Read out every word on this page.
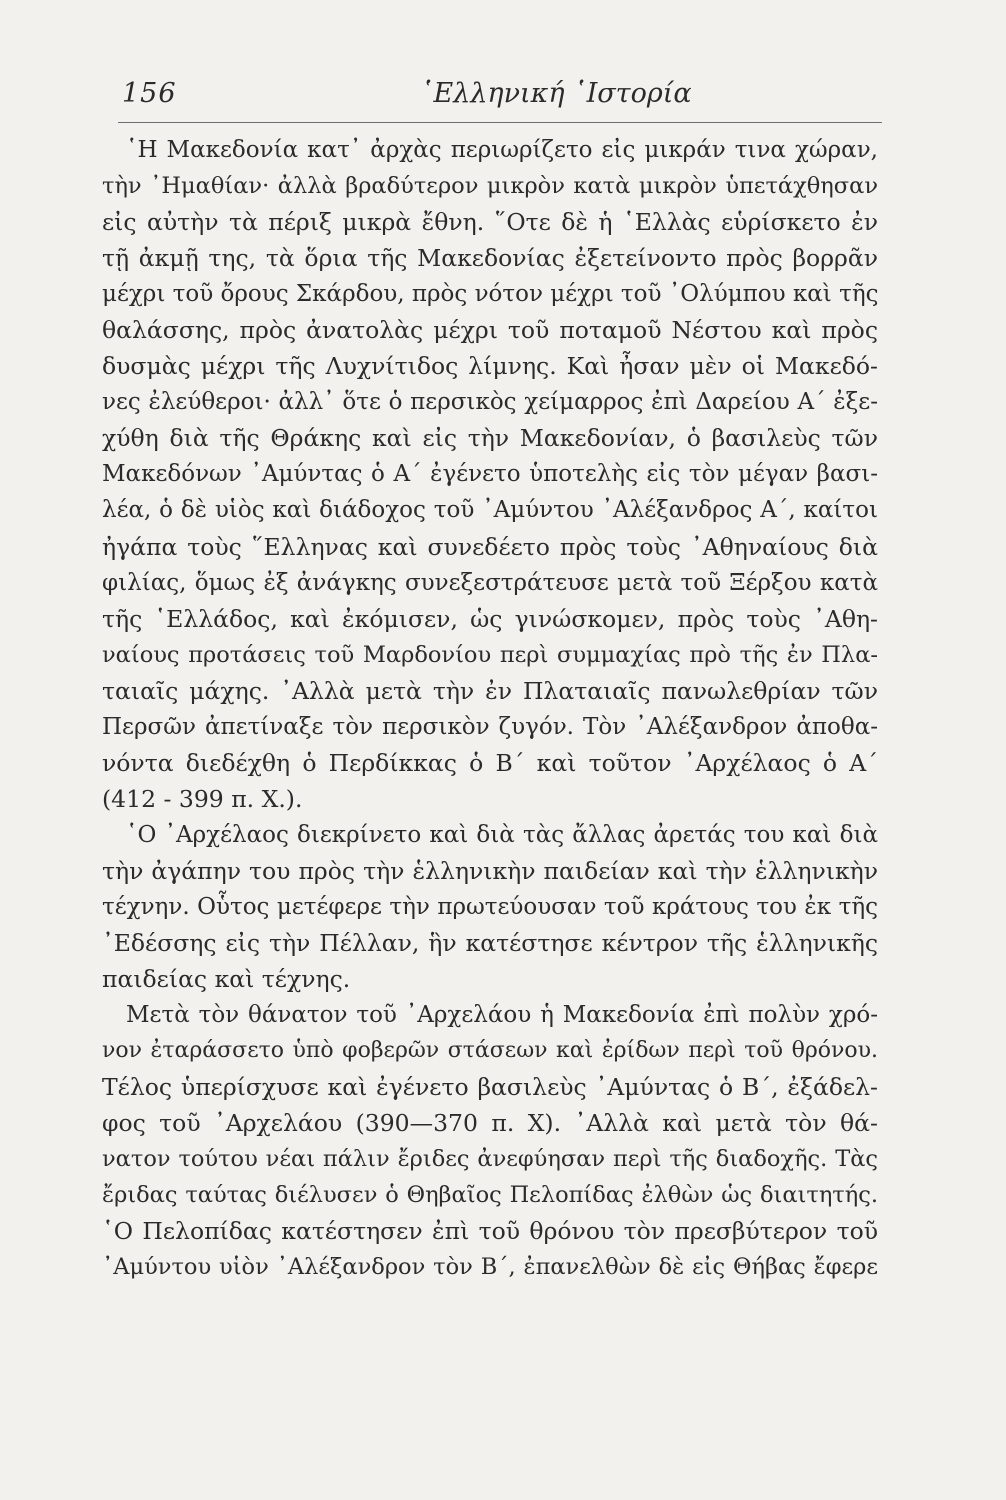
156	῾Ελληνική ῾Ιστορία
῾Η Μακεδονία κατ᾽ ἀρχὰς περιωρίζετο εἰς μικράν τινα χώραν,
τὴν ᾽Ημαθίαν· ἀλλὰ βραδύτερον μικρὸν κατὰ μικρὸν ὑπετάχθησαν
εἰς αὐτὴν τὰ πέριξ μικρὰ ἔθνη. ῞Οτε δὲ ἡ ῾Ελλὰς εὑρίσκετο ἐν
τῇ ἀκμῇ της, τὰ ὅρια τῆς Μακεδονίας ἐξετείνοντο πρὸς βορρᾶν
μέχρι τοῦ ὄρους Σκάρδου, πρὸς νότον μέχρι τοῦ ᾽Ολύμπου καὶ τῆς
θαλάσσης, πρὸς ἀνατολὰς μέχρι τοῦ ποταμοῦ Νέστου καὶ πρὸς
δυσμὰς μέχρι τῆς Λυχνίτιδος λίμνης. Καὶ ἦσαν μὲν οἱ Μακεδό-
νες ἐλεύθεροι· ἀλλ᾽ ὅτε ὁ περσικὸς χείμαρρος ἐπὶ Δαρείου Α΄ ἐξε-
χύθη διὰ τῆς Θράκης καὶ εἰς τὴν Μακεδονίαν, ὁ βασιλεὺς τῶν
Μακεδόνων ᾽Αμύντας ὁ Α΄ ἐγένετο ὑποτελὴς εἰς τὸν μέγαν βασι-
λέα, ὁ δὲ υἱὸς καὶ διάδοχος τοῦ ᾽Αμύντου ᾽Αλέξανδρος Α΄, καίτοι
ἠγάπα τοὺς ῞Ελληνας καὶ συνεδέετο πρὸς τοὺς ᾽Αθηναίους διὰ
φιλίας, ὅμως ἐξ ἀνάγκης συνεξεστράτευσε μετὰ τοῦ Ξέρξου κατὰ
τῆς ῾Ελλάδος, καὶ ἐκόμισεν, ὡς γινώσκομεν, πρὸς τοὺς ᾽Αθη-
ναίους προτάσεις τοῦ Μαρδονίου περὶ συμμαχίας πρὸ τῆς ἐν Πλα-
ταιαῖς μάχης. ᾽Αλλὰ μετὰ τὴν ἐν Πλαταιαῖς πανωλεθρίαν τῶν
Περσῶν ἀπετίναξε τὸν περσικὸν ζυγόν. Τὸν ᾽Αλέξανδρον ἀποθα-
νόντα διεδέχθη ὁ Περδίκκας ὁ Β΄ καὶ τοῦτον ᾽Αρχέλαος ὁ Α΄
(412 - 399 π. Χ.).
῾Ο ᾽Αρχέλαος διεκρίνετο καὶ διὰ τὰς ἄλλας ἀρετάς του καὶ διὰ
τὴν ἀγάπην του πρὸς τὴν ἑλληνικὴν παιδείαν καὶ τὴν ἑλληνικὴν
τέχνην. Οὗτος μετέφερε τὴν πρωτεύουσαν τοῦ κράτους του ἐκ τῆς
᾽Εδέσσης εἰς τὴν Πέλλαν, ἣν κατέστησε κέντρον τῆς ἑλληνικῆς
παιδείας καὶ τέχνης.
Μετὰ τὸν θάνατον τοῦ ᾽Αρχελάου ἡ Μακεδονία ἐπὶ πολὺν χρό-
νον ἐταράσσετο ὑπὸ φοβερῶν στάσεων καὶ ἐρίδων περὶ τοῦ θρόνου.
Τέλος ὑπερίσχυσε καὶ ἐγένετο βασιλεὺς ᾽Αμύντας ὁ Β΄, ἐξάδελ-
φος τοῦ ᾽Αρχελάου (390—370 π. Χ). ᾽Αλλὰ καὶ μετὰ τὸν θά-
νατον τούτου νέαι πάλιν ἔριδες ἀνεφύησαν περὶ τῆς διαδοχῆς. Τὰς
ἔριδας ταύτας διέλυσεν ὁ Θηβαῖος Πελοπίδας ἐλθὼν ὡς διαιτητής.
῾Ο Πελοπίδας κατέστησεν ἐπὶ τοῦ θρόνου τὸν πρεσβύτερον τοῦ
᾽Αμύντου υἱὸν ᾽Αλέξανδρον τὸν Β΄, ἐπανελθὼν δὲ εἰς Θήβας ἔφερε
